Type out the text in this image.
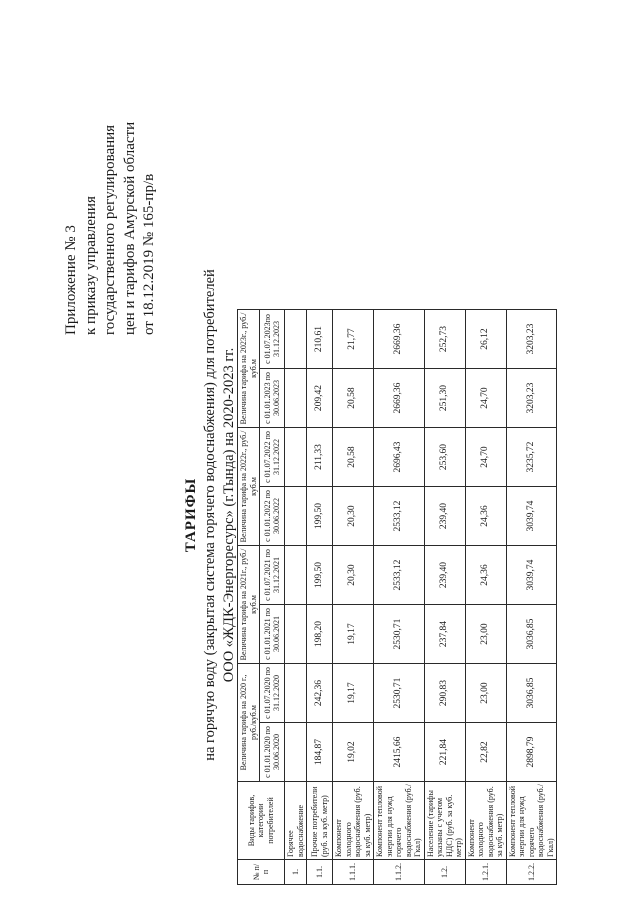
Приложение № 3 к приказу управления государственного регулирования цен и тарифов Амурской области от 18.12.2019 № 165-пр/в
ТАРИФЫ на горячую воду (закрытая система горячего водоснабжения) для потребителей ООО «ЖДК-Энергоресурс» (г.Тында) на 2020-2023 гг.
№ п/п	Виды тарифов, категории потребителей	Величина тарифа на 2020 г., руб./куб.м		Величина тарифа на 2021г., руб./куб.м		Величина тарифа на 2022г., руб./куб.м		Величина тарифа на 2023г., руб./куб.м	
		с 01.01.2020 по 30.06.2020	с 01.07.2020 по 31.12.2020	с 01.01.2021 по 30.06.2021	с 01.07.2021 по 31.12.2021	с 01.01.2022 по 30.06.2022	с 01.07.2022 по 31.12.2022	с 01.01.2023 по 30.06.2023	с 01.07.2023по 31.12.2023
1.	Горячее водоснабжение								
1.1.	Прочие потребители (руб. за куб. метр)	184,87	242,36	198,20	199,50	199,50	211,33	209,42	210,61
1.1.1.	Компонент холодного водоснабжения (руб. за куб. метр)	19,02	19,17	19,17	20,30	20,30	20,58	20,58	21,77
1.1.2.	Компонент тепловой энергии для нужд горячего водоснабжения (руб./Гкал)	2415,66	2530,71	2530,71	2533,12	2533,12	2696,43	2669,36	2669,36
1.2.	Население (тарифы указаны с учетом НДС) (руб. за куб. метр)	221,84	290,83	237,84	239,40	239,40	253,60	251,30	252,73
1.2.1.	Компонент холодного водоснабжения (руб. за куб. метр)	22,82	23,00	23,00	24,36	24,36	24,70	24,70	26,12
1.2.2.	Компонент тепловой энергии для нужд горячего водоснабжения (руб./Гкал)	2898,79	3036,85	3036,85	3039,74	3039,74	3235,72	3203,23	3203,23
